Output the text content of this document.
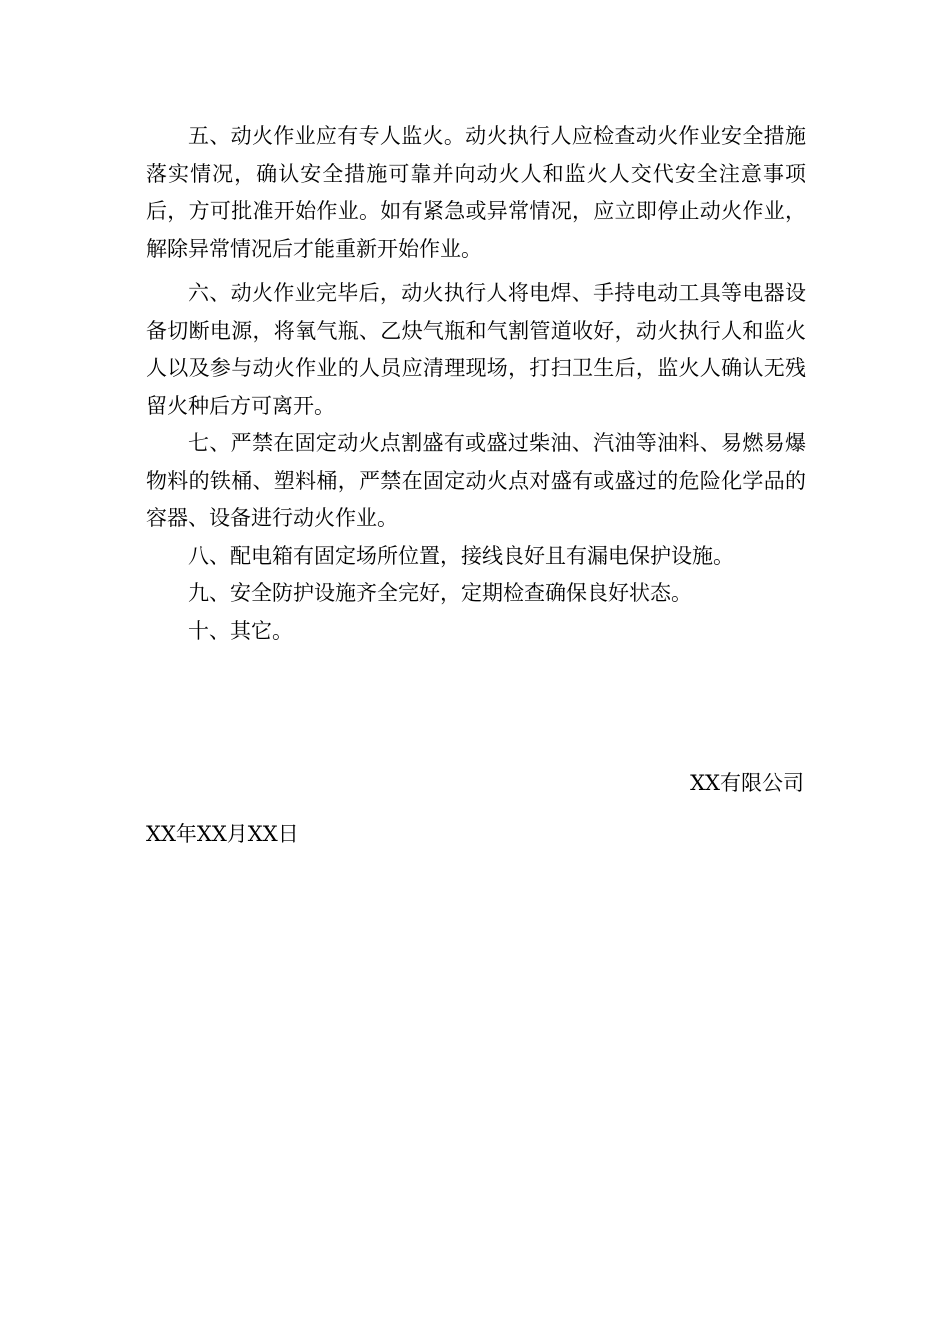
五、动火作业应有专人监火。动火执行人应检查动火作业安全措施落实情况，确认安全措施可靠并向动火人和监火人交代安全注意事项后，方可批准开始作业。如有紧急或异常情况，应立即停止动火作业，解除异常情况后才能重新开始作业。

六、动火作业完毕后，动火执行人将电焊、手持电动工具等电器设备切断电源，将氧气瓶、乙炔气瓶和气割管道收好，动火执行人和监火人以及参与动火作业的人员应清理现场，打扫卫生后，监火人确认无残留火种后方可离开。

七、严禁在固定动火点割盛有或盛过柴油、汽油等油料、易燃易爆物料的铁桶、塑料桶，严禁在固定动火点对盛有或盛过的危险化学品的容器、设备进行动火作业。

八、配电箱有固定场所位置，接线良好且有漏电保护设施。

九、安全防护设施齐全完好，定期检查确保良好状态。

十、其它。

XX有限公司
XX年XX月XX日
